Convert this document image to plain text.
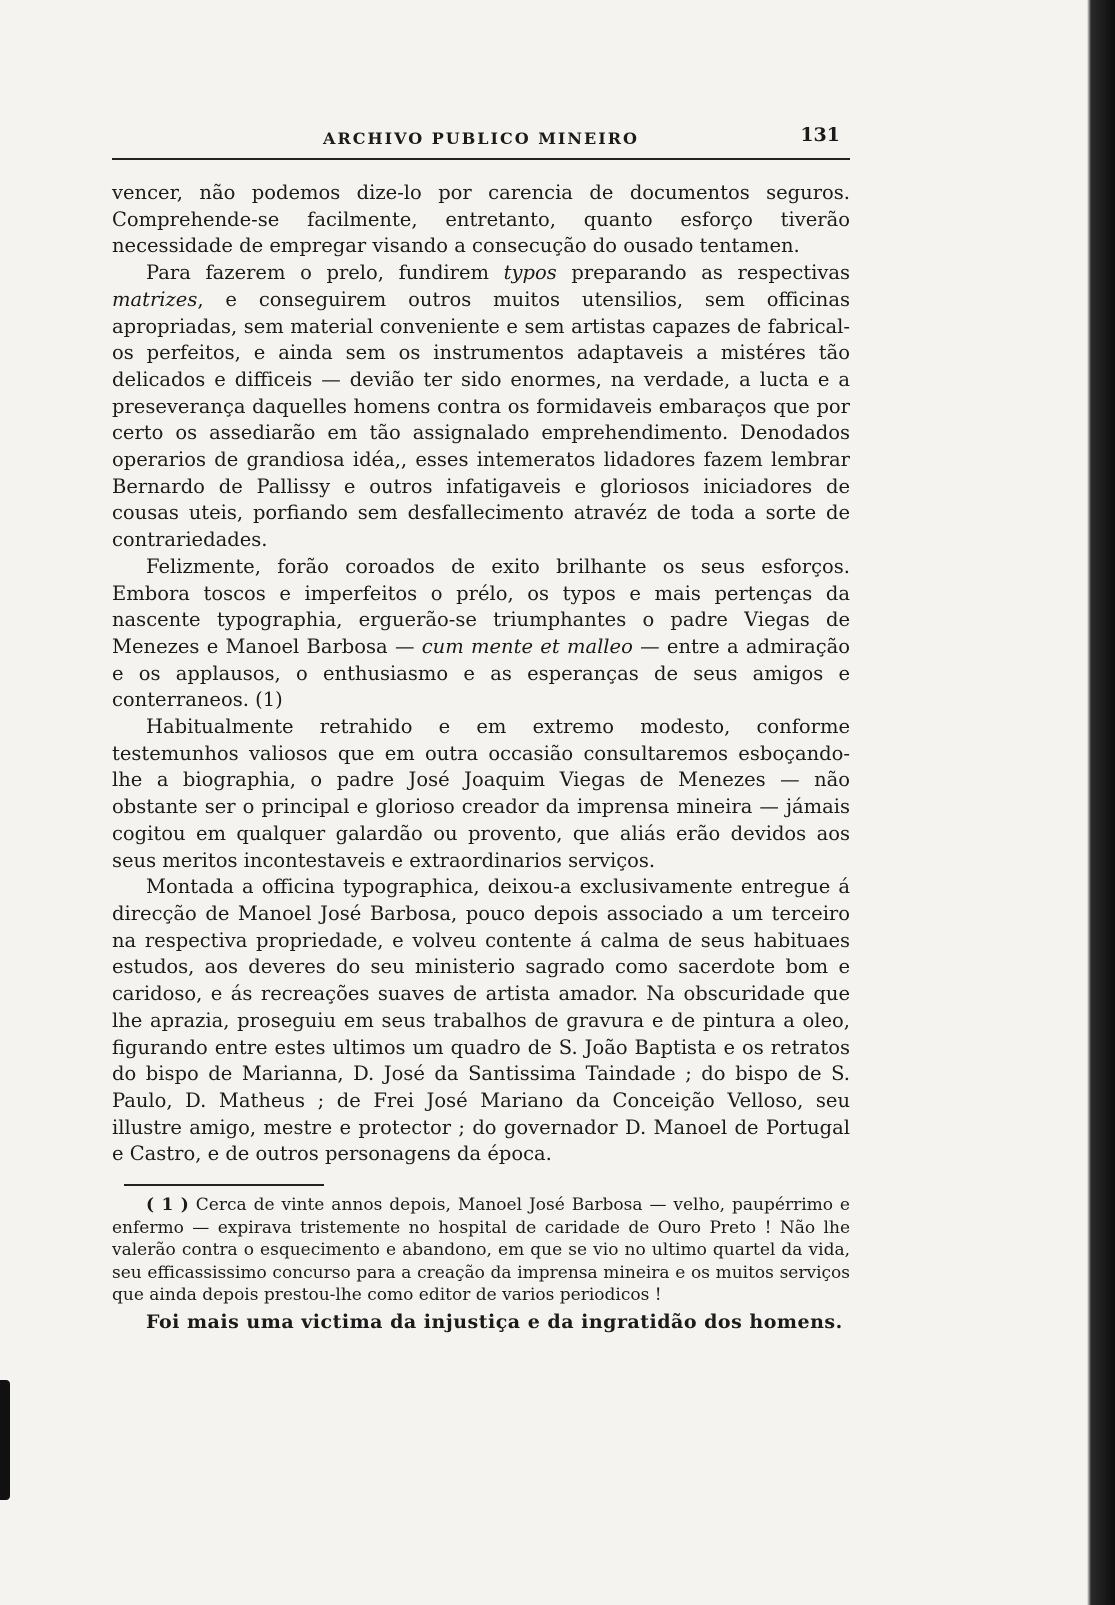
ARCHIVO PUBLICO MINEIRO	131

vencer, não podemos dize-lo por carencia de documentos seguros. Comprehende-se facilmente, entretanto, quanto esforço tiverão necessidade de empregar visando a consecução do ousado tentamen.

Para fazerem o prelo, fundirem typos preparando as respectivas matrizes, e conseguirem outros muitos utensilios, sem officinas apropriadas, sem material conveniente e sem artistas capazes de fabrical-os perfeitos, e ainda sem os instrumentos adaptaveis a mistéres tão delicados e difficeis — devião ter sido enormes, na verdade, a lucta e a preseverança daquelles homens contra os formidaveis embaraços que por certo os assediarão em tão assignalado emprehendimento. Denodados operarios de grandiosa idéa,, esses intemeratos lidadores fazem lembrar Bernardo de Pallissy e outros infatigaveis e gloriosos iniciadores de cousas uteis, porfiando sem desfallecimento atravéz de toda a sorte de contrariedades.

Felizmente, forão coroados de exito brilhante os seus esforços. Embora toscos e imperfeitos o prélo, os typos e mais pertenças da nascente typographia, erguerão-se triumphantes o padre Viegas de Menezes e Manoel Barbosa — cum mente et malleo — entre a admiração e os applausos, o enthusiasmo e as esperanças de seus amigos e conterraneos. (1)

Habitualmente retrahido e em extremo modesto, conforme testemunhos valiosos que em outra occasião consultaremos esboçando-lhe a biographia, o padre José Joaquim Viegas de Menezes — não obstante ser o principal e glorioso creador da imprensa mineira — jámais cogitou em qualquer galardão ou provento, que aliás erão devidos aos seus meritos incontestaveis e extraordinarios serviços.

Montada a officina typographica, deixou-a exclusivamente entregue á direcção de Manoel José Barbosa, pouco depois associado a um terceiro na respectiva propriedade, e volveu contente á calma de seus habituaes estudos, aos deveres do seu ministerio sagrado como sacerdote bom e caridoso, e ás recreações suaves de artista amador. Na obscuridade que lhe aprazia, proseguiu em seus trabalhos de gravura e de pintura a oleo, figurando entre estes ultimos um quadro de S. João Baptista e os retratos do bispo de Marianna, D. José da Santissima Taindade ; do bispo de S. Paulo, D. Matheus ; de Frei José Mariano da Conceição Velloso, seu illustre amigo, mestre e protector ; do governador D. Manoel de Portugal e Castro, e de outros personagens da época.

( 1 ) Cerca de vinte annos depois, Manoel José Barbosa — velho, paupérrimo e enfermo — expirava tristemente no hospital de caridade de Ouro Preto ! Não lhe valerão contra o esquecimento e abandono, em que se vio no ultimo quartel da vida, seu efficassissimo concurso para a creação da imprensa mineira e os muitos serviços que ainda depois prestou-lhe como editor de varios periodicos !

Foi mais uma victima da injustiça e da ingratidão dos homens.
